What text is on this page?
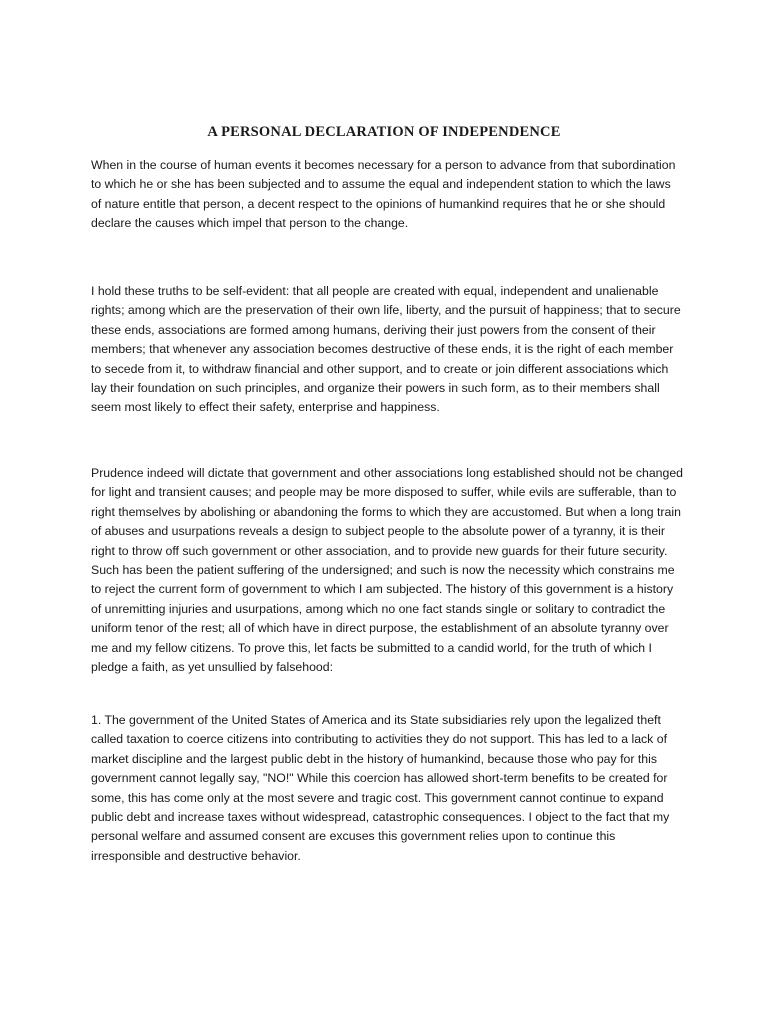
A PERSONAL DECLARATION OF INDEPENDENCE

When in the course of human events it becomes necessary for a person to advance from that subordination to which he or she has been subjected and to assume the equal and independent station to which the laws of nature entitle that person, a decent respect to the opinions of humankind requires that he or she should declare the causes which impel that person to the change.

I hold these truths to be self-evident: that all people are created with equal, independent and unalienable rights; among which are the preservation of their own life, liberty, and the pursuit of happiness; that to secure these ends, associations are formed among humans, deriving their just powers from the consent of their members; that whenever any association becomes destructive of these ends, it is the right of each member to secede from it, to withdraw financial and other support, and to create or join different associations which lay their foundation on such principles, and organize their powers in such form, as to their members shall seem most likely to effect their safety, enterprise and happiness.

Prudence indeed will dictate that government and other associations long established should not be changed for light and transient causes; and people may be more disposed to suffer, while evils are sufferable, than to right themselves by abolishing or abandoning the forms to which they are accustomed. But when a long train of abuses and usurpations reveals a design to subject people to the absolute power of a tyranny, it is their right to throw off such government or other association, and to provide new guards for their future security. Such has been the patient suffering of the undersigned; and such is now the necessity which constrains me to reject the current form of government to which I am subjected. The history of this government is a history of unremitting injuries and usurpations, among which no one fact stands single or solitary to contradict the uniform tenor of the rest; all of which have in direct purpose, the establishment of an absolute tyranny over me and my fellow citizens. To prove this, let facts be submitted to a candid world, for the truth of which I pledge a faith, as yet unsullied by falsehood:

1. The government of the United States of America and its State subsidiaries rely upon the legalized theft called taxation to coerce citizens into contributing to activities they do not support. This has led to a lack of market discipline and the largest public debt in the history of humankind, because those who pay for this government cannot legally say, "NO!" While this coercion has allowed short-term benefits to be created for some, this has come only at the most severe and tragic cost. This government cannot continue to expand public debt and increase taxes without widespread, catastrophic consequences. I object to the fact that my personal welfare and assumed consent are excuses this government relies upon to continue this irresponsible and destructive behavior.
